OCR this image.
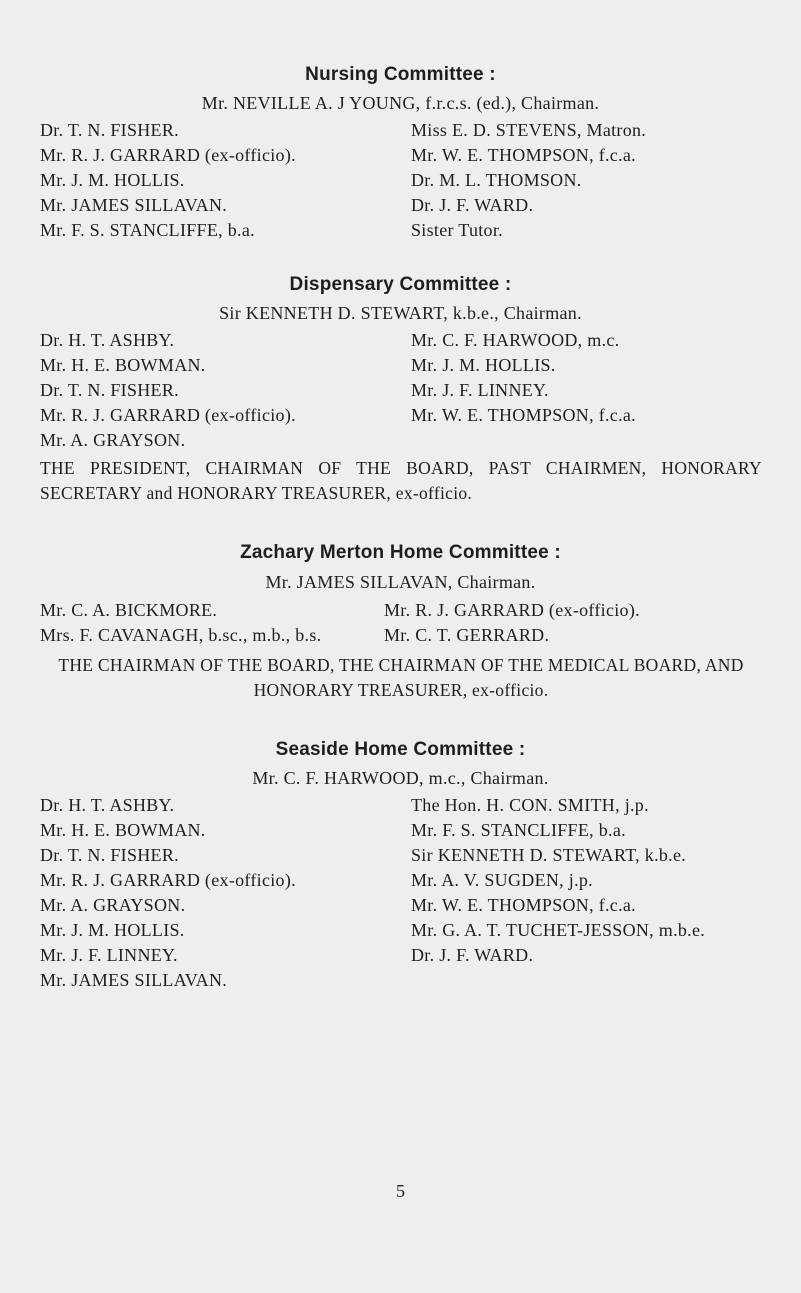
Nursing Committee :
Mr. NEVILLE A. J YOUNG, f.r.c.s. (ed.), Chairman.
Dr. T. N. FISHER.
Mr. R. J. GARRARD (ex-officio).
Mr. J. M. HOLLIS.
Mr. JAMES SILLAVAN.
Mr. F. S. STANCLIFFE, b.a.
Miss E. D. STEVENS, Matron.
Mr. W. E. THOMPSON, f.c.a.
Dr. M. L. THOMSON.
Dr. J. F. WARD.
Sister Tutor.
Dispensary Committee :
Sir KENNETH D. STEWART, k.b.e., Chairman.
Dr. H. T. ASHBY.
Mr. H. E. BOWMAN.
Dr. T. N. FISHER.
Mr. R. J. GARRARD (ex-officio).
Mr. A. GRAYSON.
Mr. C. F. HARWOOD, m.c.
Mr. J. M. HOLLIS.
Mr. J. F. LINNEY.
Mr. W. E. THOMPSON, f.c.a.
THE PRESIDENT, CHAIRMAN OF THE BOARD, PAST CHAIRMEN, HONORARY SECRETARY and HONORARY TREASURER, ex-officio.
Zachary Merton Home Committee :
Mr. JAMES SILLAVAN, Chairman.
Mr. C. A. BICKMORE.
Mrs. F. CAVANAGH, b.sc., m.b., b.s.
Mr. R. J. GARRARD (ex-officio).
Mr. C. T. GERRARD.
THE CHAIRMAN OF THE BOARD, THE CHAIRMAN OF THE MEDICAL BOARD, AND HONORARY TREASURER, ex-officio.
Seaside Home Committee :
Mr. C. F. HARWOOD, m.c., Chairman.
Dr. H. T. ASHBY.
Mr. H. E. BOWMAN.
Dr. T. N. FISHER.
Mr. R. J. GARRARD (ex-officio).
Mr. A. GRAYSON.
Mr. J. M. HOLLIS.
Mr. J. F. LINNEY.
Mr. JAMES SILLAVAN.
The Hon. H. CON. SMITH, j.p.
Mr. F. S. STANCLIFFE, b.a.
Sir KENNETH D. STEWART, k.b.e.
Mr. A. V. SUGDEN, j.p.
Mr. W. E. THOMPSON, f.c.a.
Mr. G. A. T. TUCHET-JESSON, m.b.e.
Dr. J. F. WARD.
5
